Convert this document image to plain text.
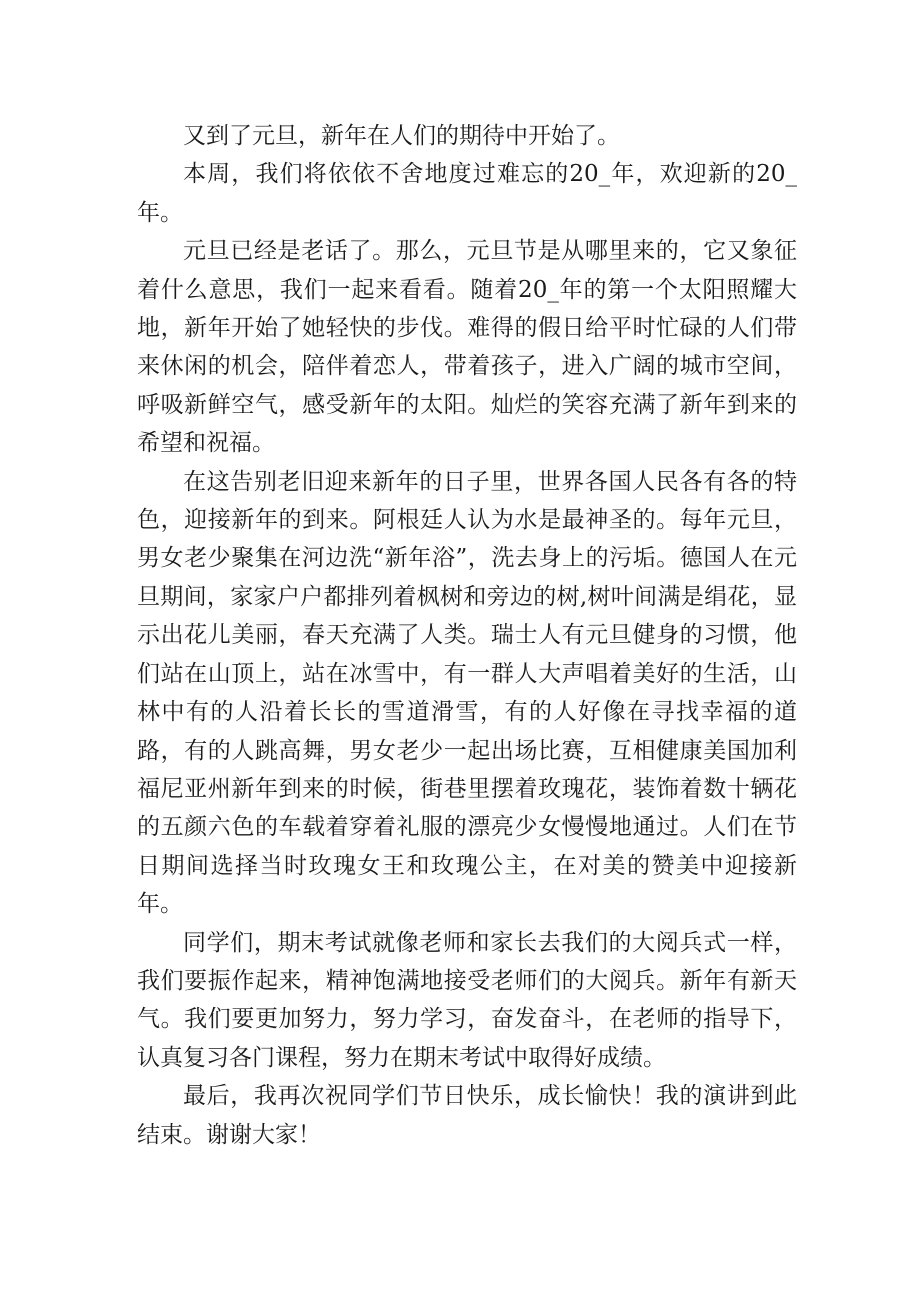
又到了元旦，新年在人们的期待中开始了。

本周，我们将依依不舍地度过难忘的20_年，欢迎新的20_年。

元旦已经是老话了。那么，元旦节是从哪里来的，它又象征着什么意思，我们一起来看看。随着20_年的第一个太阳照耀大地，新年开始了她轻快的步伐。难得的假日给平时忙碌的人们带来休闲的机会，陪伴着恋人，带着孩子，进入广阔的城市空间，呼吸新鲜空气，感受新年的太阳。灿烂的笑容充满了新年到来的希望和祝福。

在这告别老旧迎来新年的日子里，世界各国人民各有各的特色，迎接新年的到来。阿根廷人认为水是最神圣的。每年元旦，男女老少聚集在河边洗“新年浴”，洗去身上的污垢。德国人在元旦期间，家家户户都排列着枫树和旁边的树,树叶间满是绢花，显示出花儿美丽，春天充满了人类。瑞士人有元旦健身的习惯，他们站在山顶上，站在冰雪中，有一群人大声唱着美好的生活，山林中有的人沿着长长的雪道滑雪，有的人好像在寻找幸福的道路，有的人跳高舞，男女老少一起出场比赛，互相健康美国加利福尼亚州新年到来的时候，街巷里摆着玫瑰花，装饰着数十辆花的五颜六色的车载着穿着礼服的漂亮少女慢慢地通过。人们在节日期间选择当时玫瑰女王和玫瑰公主，在对美的赞美中迎接新年。

同学们，期末考试就像老师和家长去我们的大阅兵式一样，我们要振作起来，精神饱满地接受老师们的大阅兵。新年有新天气。我们要更加努力，努力学习，奋发奋斗，在老师的指导下，认真复习各门课程，努力在期末考试中取得好成绩。

最后，我再次祝同学们节日快乐，成长愉快！我的演讲到此结束。谢谢大家！
